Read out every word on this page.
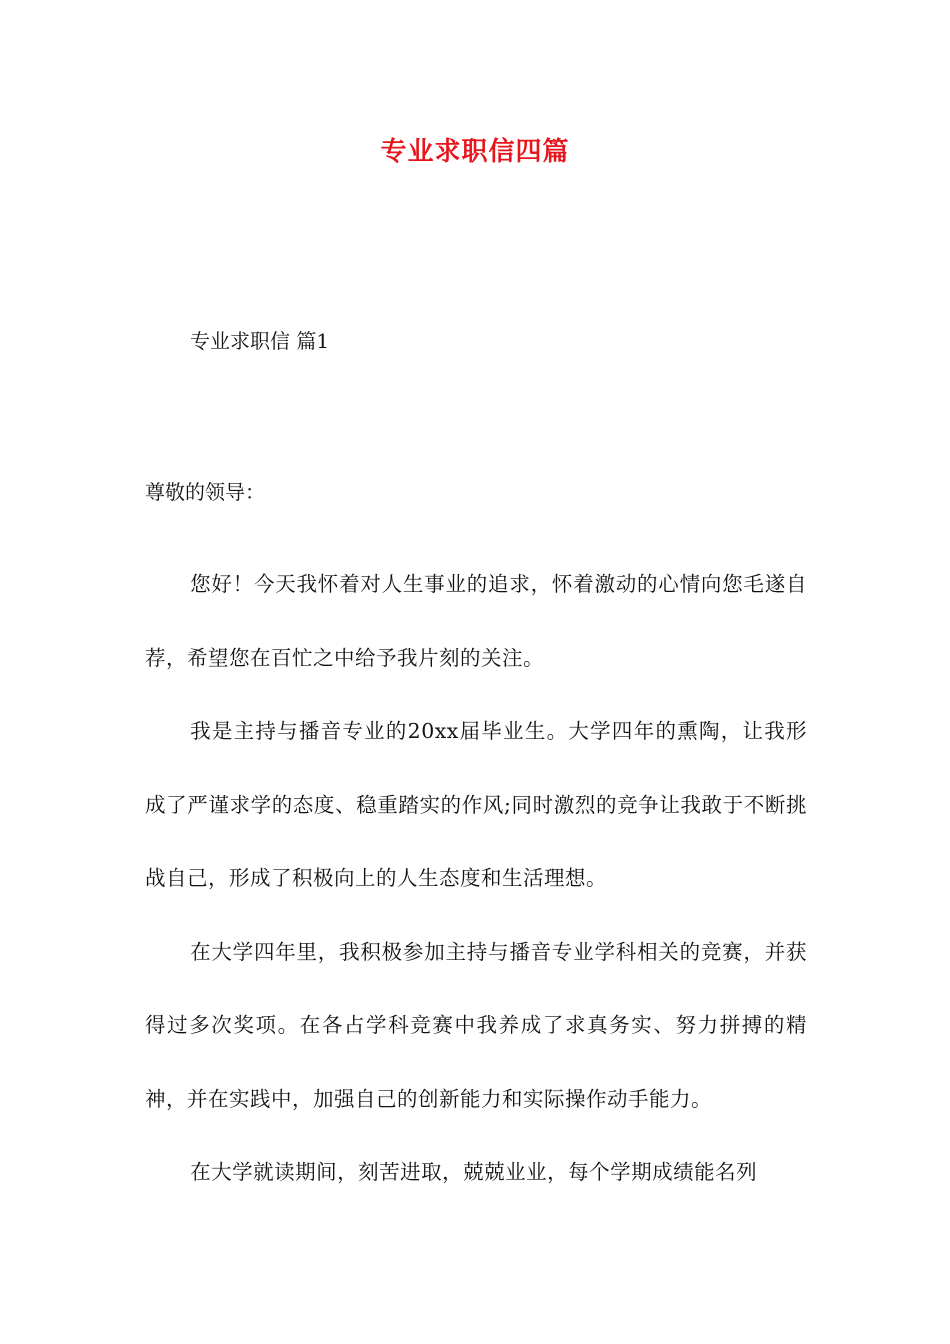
专业求职信四篇
专业求职信 篇1
尊敬的领导：

您好！今天我怀着对人生事业的追求，怀着激动的心情向您毛遂自荐，希望您在百忙之中给予我片刻的关注。

我是主持与播音专业的20xx届毕业生。大学四年的熏陶，让我形成了严谨求学的态度、稳重踏实的作风;同时激烈的竞争让我敢于不断挑战自己，形成了积极向上的人生态度和生活理想。

在大学四年里，我积极参加主持与播音专业学科相关的竞赛，并获得过多次奖项。在各占学科竞赛中我养成了求真务实、努力拼搏的精神，并在实践中，加强自己的创新能力和实际操作动手能力。

在大学就读期间，刻苦进取，兢兢业业，每个学期成绩能名列
